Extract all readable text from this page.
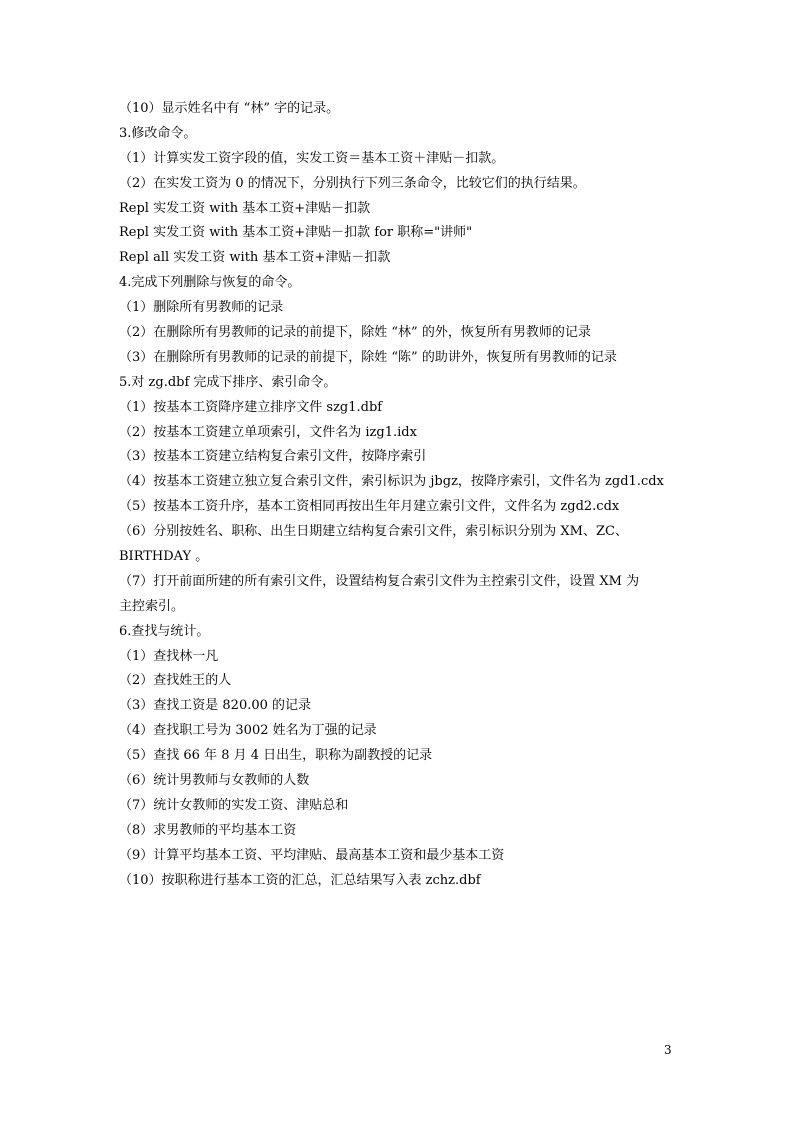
（10）显示姓名中有 “林” 字的记录。
3.修改命令。
（1）计算实发工资字段的值，实发工资＝基本工资＋津贴－扣款。
（2）在实发工资为 0 的情况下，分别执行下列三条命令，比较它们的执行结果。
Repl 实发工资 with 基本工资+津贴－扣款
Repl 实发工资 with 基本工资+津贴－扣款 for 职称="讲师"
Repl all 实发工资 with 基本工资+津贴－扣款
4.完成下列删除与恢复的命令。
（1）删除所有男教师的记录
（2）在删除所有男教师的记录的前提下，除姓 “林” 的外，恢复所有男教师的记录
（3）在删除所有男教师的记录的前提下，除姓 “陈” 的助讲外，恢复所有男教师的记录
5.对 zg.dbf 完成下排序、索引命令。
（1）按基本工资降序建立排序文件 szg1.dbf
（2）按基本工资建立单项索引，文件名为 izg1.idx
（3）按基本工资建立结构复合索引文件，按降序索引
（4）按基本工资建立独立复合索引文件，索引标识为 jbgz，按降序索引，文件名为 zgd1.cdx
（5）按基本工资升序，基本工资相同再按出生年月建立索引文件，文件名为 zgd2.cdx
（6）分别按姓名、职称、出生日期建立结构复合索引文件，索引标识分别为 XM、ZC、
BIRTHDAY 。
（7）打开前面所建的所有索引文件，设置结构复合索引文件为主控索引文件，设置 XM 为
主控索引。
6.查找与统计。
（1）查找林一凡
（2）查找姓王的人
（3）查找工资是 820.00 的记录
（4）查找职工号为 3002 姓名为丁强的记录
（5）查找 66 年 8 月 4 日出生，职称为副教授的记录
（6）统计男教师与女教师的人数
（7）统计女教师的实发工资、津贴总和
（8）求男教师的平均基本工资
（9）计算平均基本工资、平均津贴、最高基本工资和最少基本工资
（10）按职称进行基本工资的汇总，汇总结果写入表 zchz.dbf
3
